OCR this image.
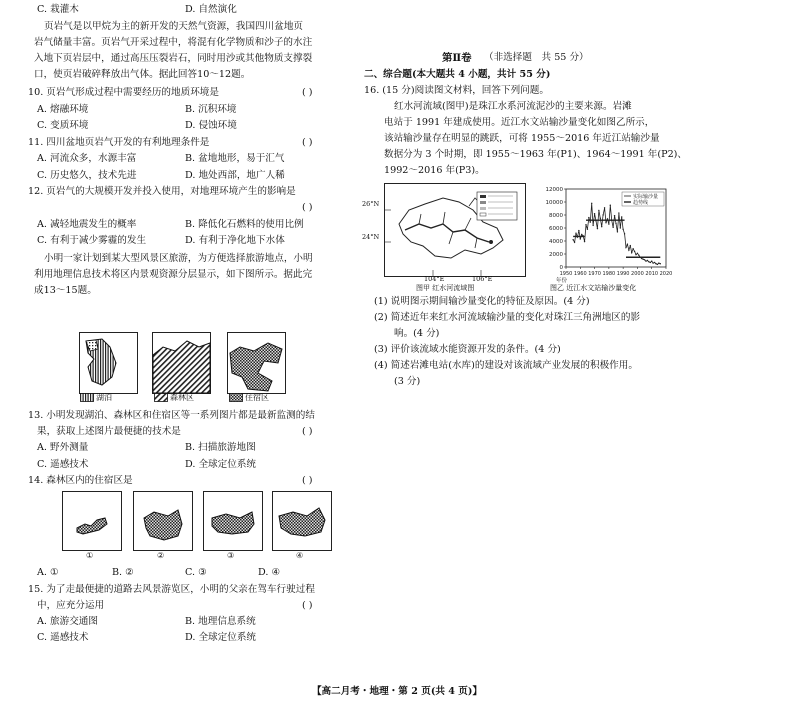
C. 栽灌木	D. 自然演化
页岩气是以甲烷为主的新开发的天然气资源，我国四川盆地页
岩气储量丰富。页岩气开采过程中，将混有化学物质和沙子的水注
入地下页岩层中，通过高压压裂岩石，同时用沙或其他物质支撑裂
口，使页岩破碎释放出气体。据此回答10～12题。
10. 页岩气形成过程中需要经历的地质环境是	( )
A. 熔融环境	B. 沉积环境
C. 变质环境	D. 侵蚀环境
11. 四川盆地页岩气开发的有利地理条件是	( )
A. 河流众多，水源丰富	B. 盆地地形，易于汇气
C. 历史悠久，技术先进	D. 地处西部，地广人稀
12. 页岩气的大规模开发并投入使用，对地理环境产生的影响是
( )
A. 减轻地震发生的概率	B. 降低化石燃料的使用比例
C. 有利于减少雾霾的发生	D. 有利于净化地下水体
小明一家计划到某大型风景区旅游，为方便选择旅游地点，小明
利用地理信息技术将区内景观资源分层显示，如下图所示。据此完
成13～15题。
湖泊	森林区	住宿区
13. 小明发现湖泊、森林区和住宿区等一系列图片都是最新监测的结
果，获取上述图片最便捷的技术是	( )
A. 野外测量	B. 扫描旅游地图
C. 遥感技术	D. 全球定位系统
14. 森林区内的住宿区是	( )
①	②	③	④
A. ①	B. ②	C. ③	D. ④
15. 为了走最便捷的道路去风景游览区，小明的父亲在驾车行驶过程
中，应充分运用	( )
A. 旅游交通图	B. 地理信息系统
C. 遥感技术	D. 全球定位系统
第Ⅱ卷 （非选择题　共 55 分）
二、综合题(本大题共 4 小题，共计 55 分)
16. (15 分)阅读图文材料，回答下列问题。
红水河流域(图甲)是珠江水系河流泥沙的主要来源。岩滩
电站于 1991 年建成使用。近江水文站输沙量变化如图乙所示，
该站输沙量存在明显的跳跃，可将 1955～2016 年近江站输沙量
数据分为 3 个时期，即 1955～1963 年(P1)、1964～1991 年(P2)、
1992～2016 年(P3)。
26°N
24°N
104°E	106°E
图甲 红水河流域图
0
2000
4000
6000
8000
10000
12000
1950 1960 1970 1980 1990 2000 2010 2020
年份
实际输沙量
趋势线
图乙 近江水文站输沙量变化
(1) 说明图示期间输沙量变化的特征及原因。(4 分)
(2) 简述近年来红水河流域输沙量的变化对珠江三角洲地区的影
响。(4 分)
(3) 评价该流域水能资源开发的条件。(4 分)
(4) 简述岩滩电站(水库)的建设对该流域产业发展的积极作用。
(3 分)
【高二月考・地理・第 2 页(共 4 页)】
